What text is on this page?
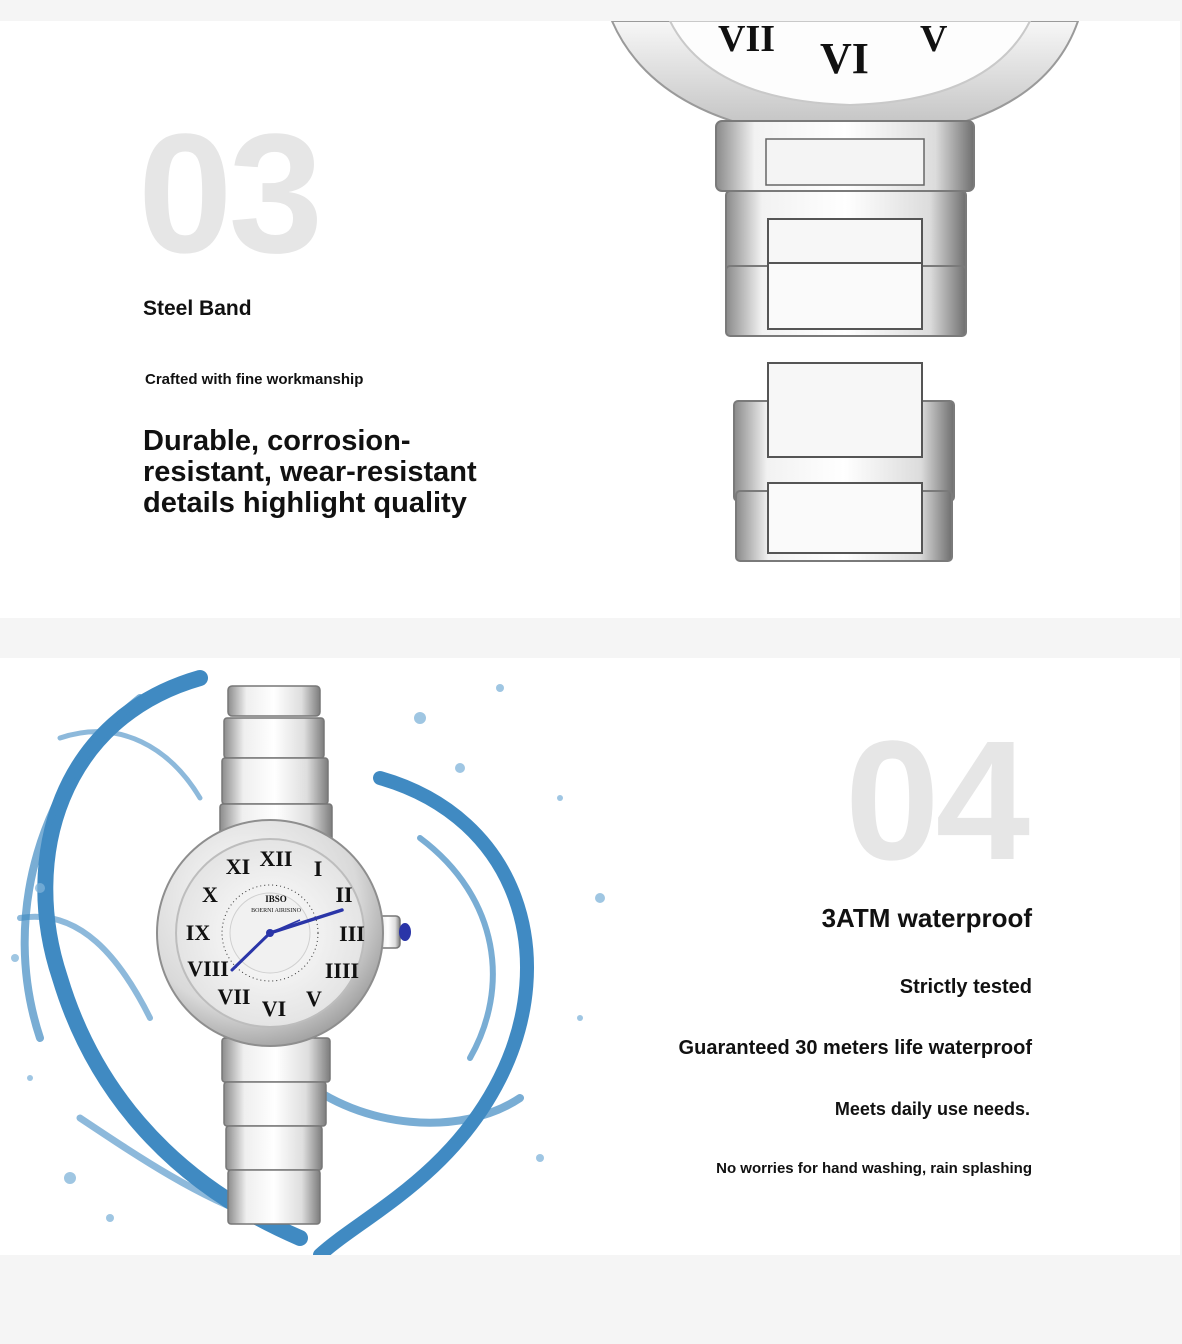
03
Steel Band
Crafted with fine workmanship
Durable, corrosion-resistant, wear-resistant details highlight quality
VII VI V
XII I
II
III
IIII
V
VI
VII
VIII
IX
X
XI
IBSO
BOERNI AIRISINO
04
3ATM waterproof
Strictly tested
Guaranteed 30 meters life waterproof
Meets daily use needs.
No worries for hand washing, rain splashing
